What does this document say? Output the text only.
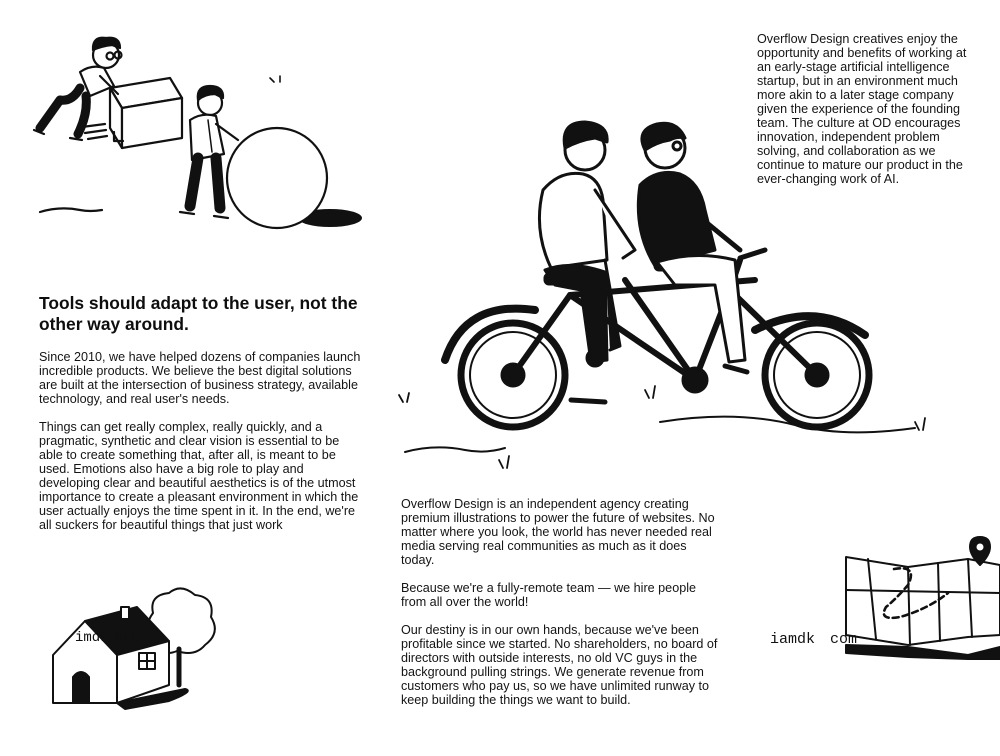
imdk  ofu	iamdk     com

Overflow Design creatives enjoy the opportunity and benefits of working at an early-stage artificial intelligence startup, but in an environment much more akin to a later stage company given the experience of the founding team. The culture at OD encourages innovation, independent problem solving, and collaboration as we continue to mature our product in the ever-changing work of AI.

Tools should adapt to the user, not the other way around.

Since 2010, we have helped dozens of companies launch incredible products. We believe the best digital solutions are built at the intersection of business strategy, available technology, and real user's needs.

Things can get really complex, really quickly, and a pragmatic, synthetic and clear vision is essential to be able to create something that, after all, is meant to be used. Emotions also have a big role to play and developing clear and beautiful aesthetics is of the utmost importance to create a pleasant environment in which the user actually enjoys the time spent in it. In the end, we're all suckers for beautiful things that just work

Overflow Design is an independent agency creating premium illustrations to power the future of websites. No matter where you look, the world has never needed real media serving real communities as much as it does today.

Because we're a fully-remote team — we hire people from all over the world!

Our destiny is in our own hands, because we've been profitable since we started. No shareholders, no board of directors with outside interests, no old VC guys in the background pulling strings. We generate revenue from customers who pay us, so we have unlimited runway to keep building the things we want to build.
